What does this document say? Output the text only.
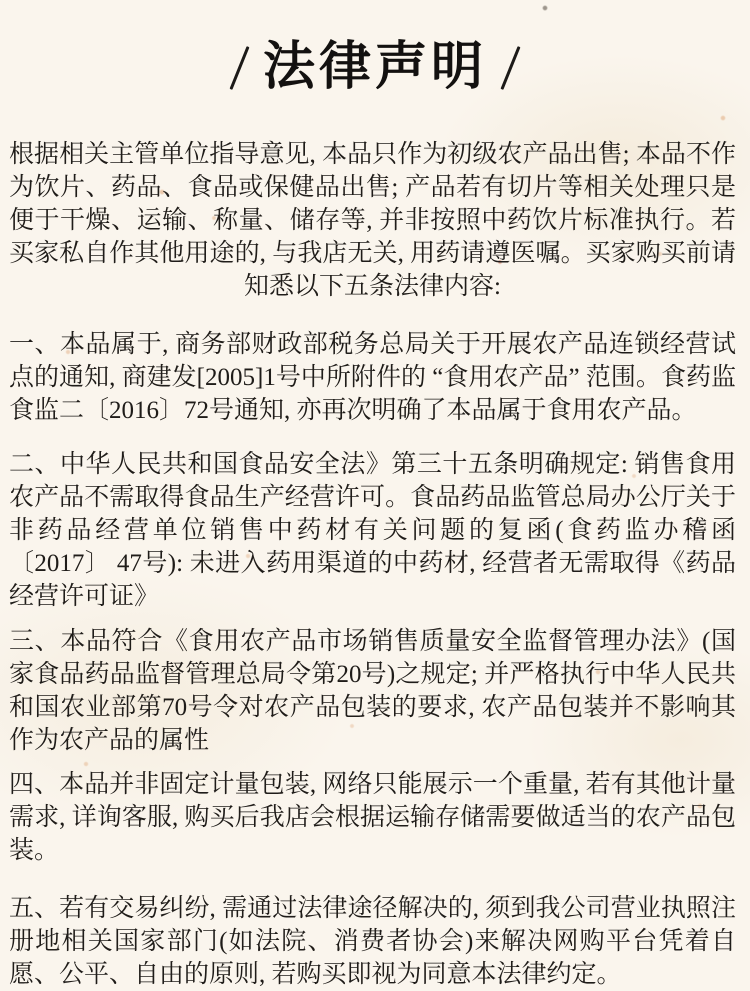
法律声明

根据相关主管单位指导意见, 本品只作为初级农产品出售; 本品不作为饮片、药品、食品或保健品出售; 产品若有切片等相关处理只是便于干燥、运输、称量、储存等, 并非按照中药饮片标准执行。若买家私自作其他用途的, 与我店无关, 用药请遵医嘱。买家购买前请知悉以下五条法律内容:

一、本品属于, 商务部财政部税务总局关于开展农产品连锁经营试点的通知, 商建发[2005]1号中所附件的 “食用农产品” 范围。食药监食监二〔2016〕72号通知, 亦再次明确了本品属于食用农产品。

二、中华人民共和国食品安全法》第三十五条明确规定: 销售食用农产品不需取得食品生产经营许可。食品药品监管总局办公厅关于非药品经营单位销售中药材有关问题的复函(食药监办稽函〔2017〕 47号): 未进入药用渠道的中药材, 经营者无需取得《药品经营许可证》

三、本品符合《食用农产品市场销售质量安全监督管理办法》(国家食品药品监督管理总局令第20号)之规定; 并严格执行中华人民共和国农业部第70号令对农产品包装的要求, 农产品包装并不影响其作为农产品的属性

四、本品并非固定计量包装, 网络只能展示一个重量, 若有其他计量需求, 详询客服, 购买后我店会根据运输存储需要做适当的农产品包装。

五、若有交易纠纷, 需通过法律途径解决的, 须到我公司营业执照注册地相关国家部门(如法院、消费者协会)来解决网购平台凭着自愿、公平、自由的原则, 若购买即视为同意本法律约定。
